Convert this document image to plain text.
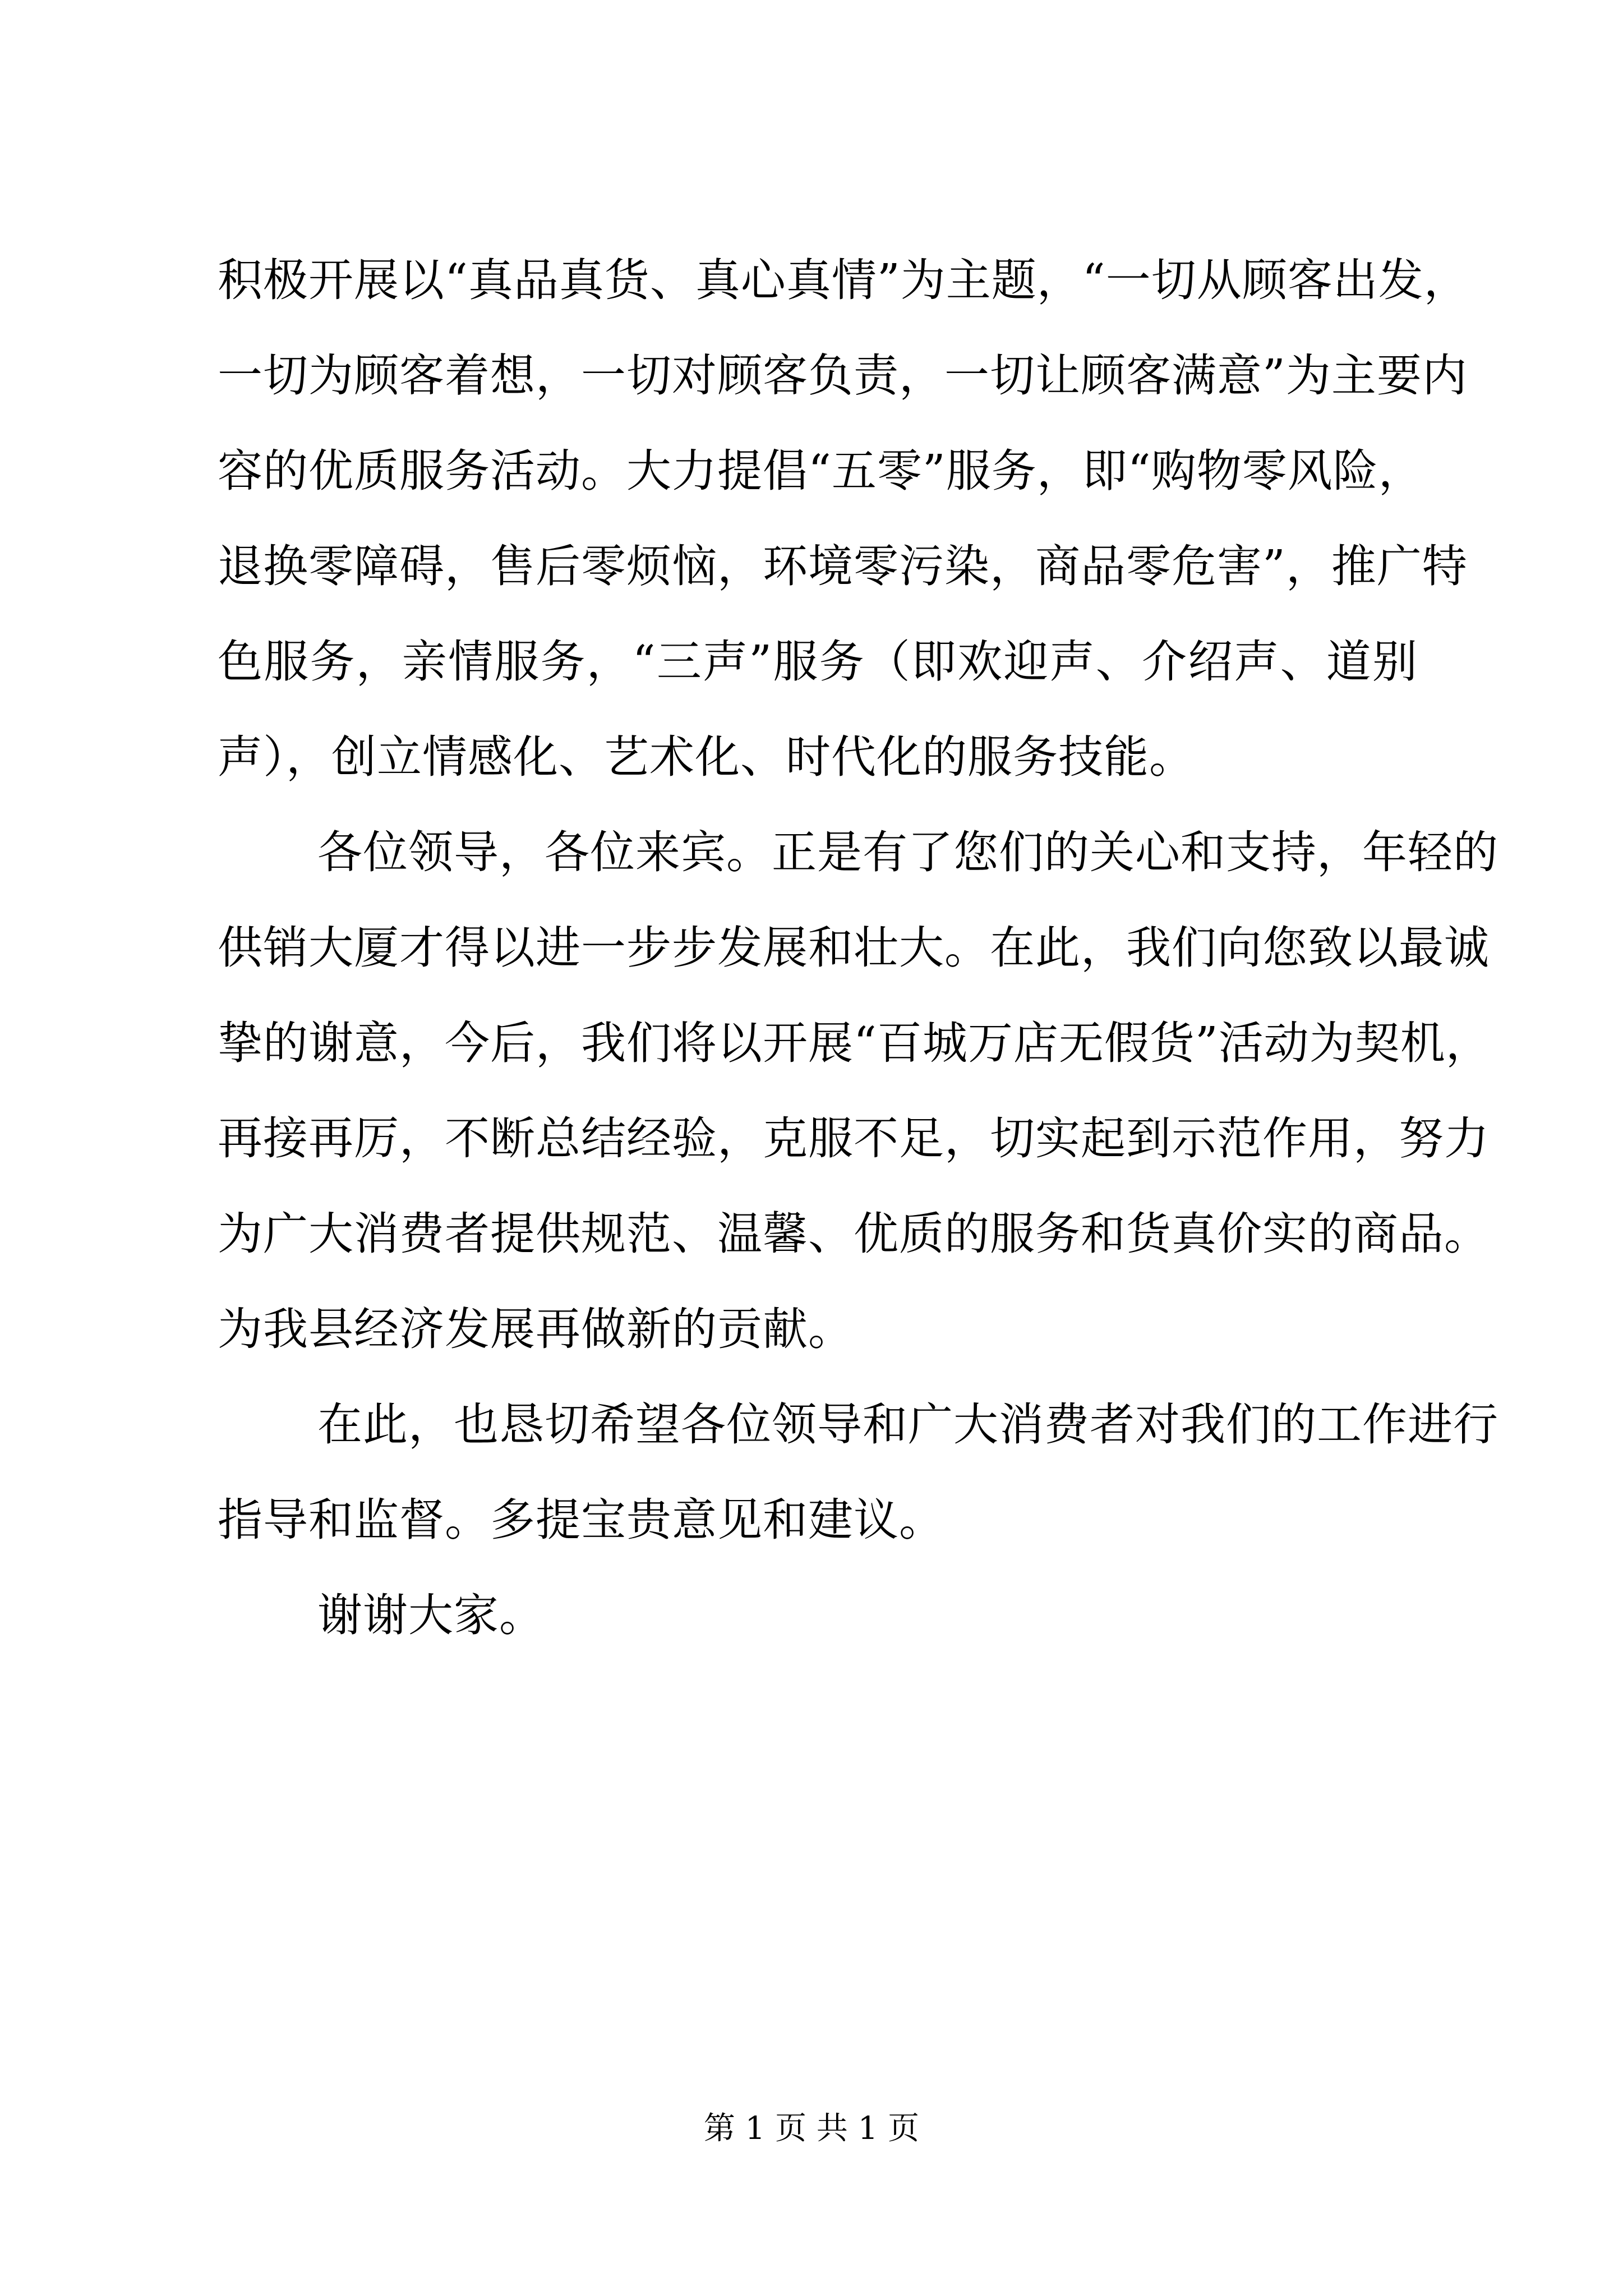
积极开展以“真品真货、真心真情”为主题，“一切从顾客出发，
一切为顾客着想，一切对顾客负责，一切让顾客满意”为主要内
容的优质服务活动。大力提倡“五零”服务，即“购物零风险，
退换零障碍，售后零烦恼，环境零污染，商品零危害”，推广特
色服务，亲情服务，“三声”服务（即欢迎声、介绍声、道别
声），创立情感化、艺术化、时代化的服务技能。
各位领导，各位来宾。正是有了您们的关心和支持，年轻的
供销大厦才得以进一步步发展和壮大。在此，我们向您致以最诚
挚的谢意，今后，我们将以开展“百城万店无假货”活动为契机，
再接再厉，不断总结经验，克服不足，切实起到示范作用，努力
为广大消费者提供规范、温馨、优质的服务和货真价实的商品。
为我县经济发展再做新的贡献。
在此，也恳切希望各位领导和广大消费者对我们的工作进行
指导和监督。多提宝贵意见和建议。
谢谢大家。
第 1 页 共 1 页
